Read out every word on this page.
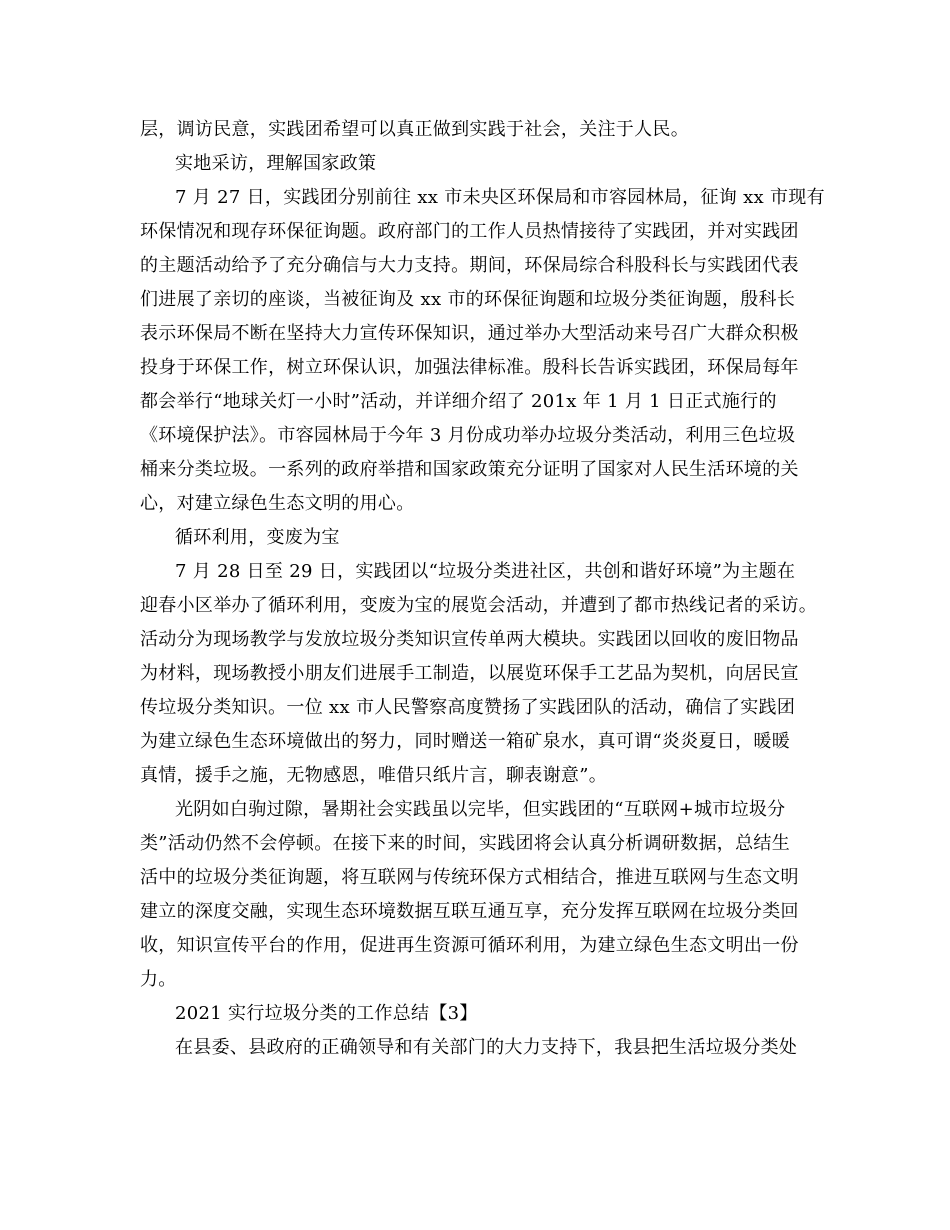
层，调访民意，实践团希望可以真正做到实践于社会，关注于人民。
实地采访，理解国家政策
7 月 27 日，实践团分别前往 xx 市未央区环保局和市容园林局，征询 xx 市现有
环保情况和现存环保征询题。政府部门的工作人员热情接待了实践团，并对实践团
的主题活动给予了充分确信与大力支持。期间，环保局综合科股科长与实践团代表
们进展了亲切的座谈，当被征询及 xx 市的环保征询题和垃圾分类征询题，殷科长
表示环保局不断在坚持大力宣传环保知识，通过举办大型活动来号召广大群众积极
投身于环保工作，树立环保认识，加强法律标准。殷科长告诉实践团，环保局每年
都会举行“地球关灯一小时”活动，并详细介绍了 201x 年 1 月 1 日正式施行的
《环境保护法》。市容园林局于今年 3 月份成功举办垃圾分类活动，利用三色垃圾
桶来分类垃圾。一系列的政府举措和国家政策充分证明了国家对人民生活环境的关
心，对建立绿色生态文明的用心。
循环利用，变废为宝
7 月 28 日至 29 日，实践团以“垃圾分类进社区，共创和谐好环境”为主题在
迎春小区举办了循环利用，变废为宝的展览会活动，并遭到了都市热线记者的采访。
活动分为现场教学与发放垃圾分类知识宣传单两大模块。实践团以回收的废旧物品
为材料，现场教授小朋友们进展手工制造，以展览环保手工艺品为契机，向居民宣
传垃圾分类知识。一位 xx 市人民警察高度赞扬了实践团队的活动，确信了实践团
为建立绿色生态环境做出的努力，同时赠送一箱矿泉水，真可谓“炎炎夏日，暖暖
真情，援手之施，无物感恩，唯借只纸片言，聊表谢意”。
光阴如白驹过隙，暑期社会实践虽以完毕，但实践团的“互联网+城市垃圾分
类”活动仍然不会停顿。在接下来的时间，实践团将会认真分析调研数据，总结生
活中的垃圾分类征询题，将互联网与传统环保方式相结合，推进互联网与生态文明
建立的深度交融，实现生态环境数据互联互通互享，充分发挥互联网在垃圾分类回
收，知识宣传平台的作用，促进再生资源可循环利用，为建立绿色生态文明出一份
力。
2021 实行垃圾分类的工作总结【3】
在县委、县政府的正确领导和有关部门的大力支持下，我县把生活垃圾分类处
